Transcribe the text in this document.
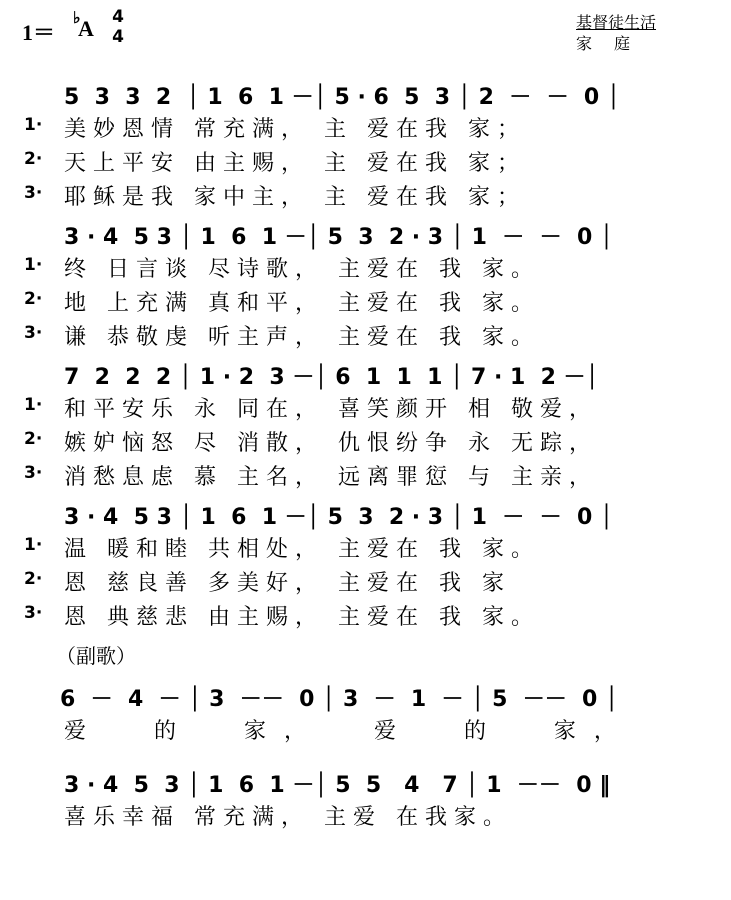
1＝ A
♭ 4
4
基督徒生活
家庭
5  3  3  2  │ 1  6  1 －│ 5 · 6  5  3 │ 2  －  －  0 │
1· 美妙恩情 常充满， 主 爱在我 家；
2· 天上平安 由主赐， 主 爱在我 家；
3· 耶稣是我 家中主， 主 爱在我 家；
3 · 4  5 3 │ 1  6  1 －│ 5  3  2 · 3 │ 1  －  －  0 │
1· 终 日言谈 尽诗歌， 主爱在 我 家。
2· 地 上充满 真和平， 主爱在 我 家。
3· 谦 恭敬虔 听主声， 主爱在 我 家。
7  2  2  2 │ 1 · 2  3 －│ 6  1  1  1 │ 7 · 1  2 －│
1· 和平安乐 永 同在， 喜笑颜开 相 敬爱，
2· 嫉妒恼怒 尽 消散， 仇恨纷争 永 无踪，
3· 消愁息虑 慕 主名， 远离罪愆 与 主亲，
3 · 4  5 3 │ 1  6  1 －│ 5  3  2 · 3 │ 1  －  －  0 │
1· 温 暖和睦 共相处， 主爱在 我 家。
2· 恩 慈良善 多美好， 主爱在 我 家
3· 恩 典慈悲 由主赐， 主爱在 我 家。
（副歌）
6  －  4  － │ 3  －－  0 │ 3  －  1  － │ 5  －－  0 │
爱  的  家，  爱  的  家，
3 · 4  5  3 │ 1  6  1 －│ 5  5   4   7 │ 1  －－  0 ‖
喜乐幸福 常充满， 主爱 在我家。
